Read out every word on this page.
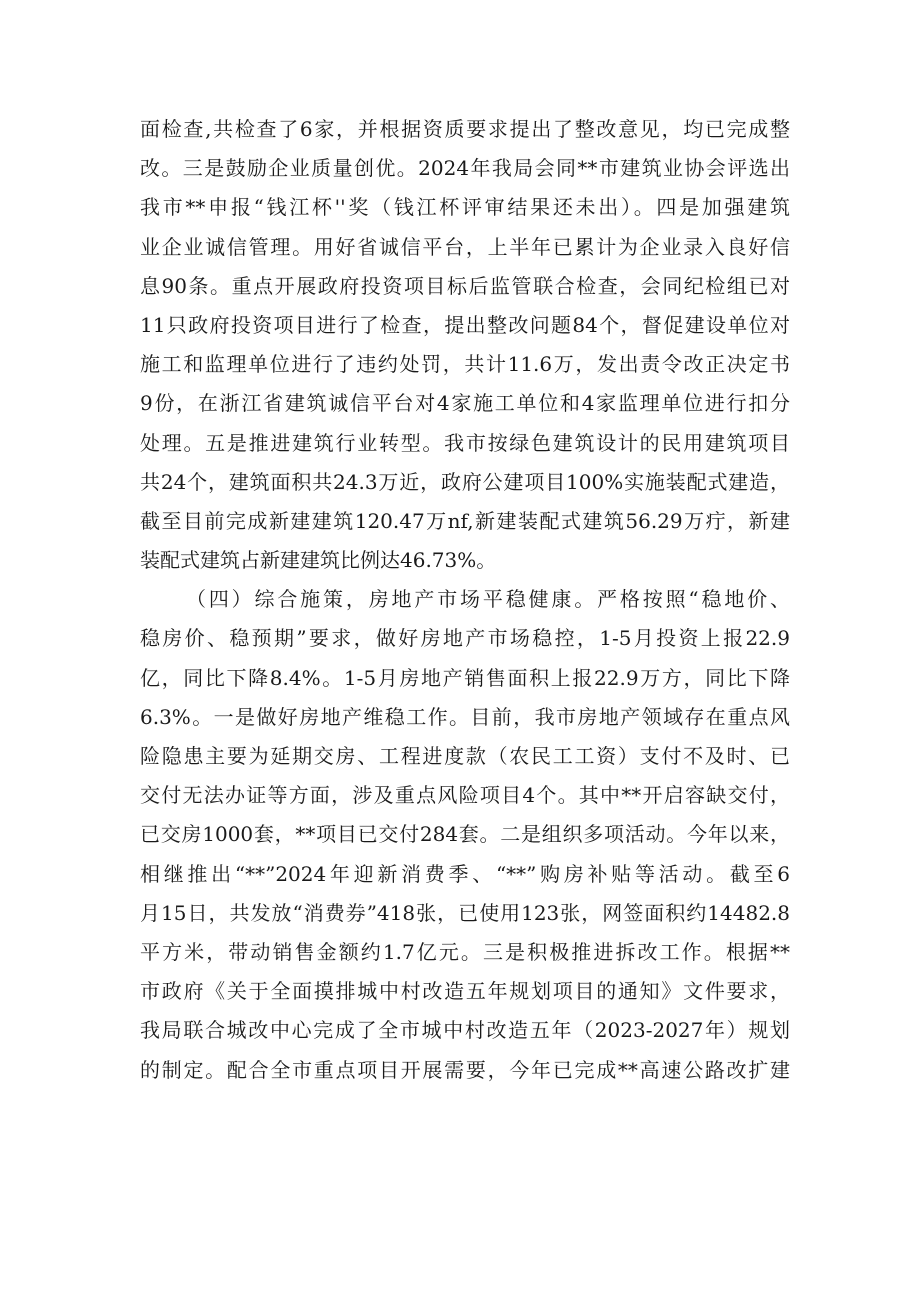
面检查,共检查了6家，并根据资质要求提出了整改意见，均已完成整
改。三是鼓励企业质量创优。2024年我局会同**市建筑业协会评选出
我市**申报“钱江杯''奖（钱江杯评审结果还未出）。四是加强建筑
业企业诚信管理。用好省诚信平台，上半年已累计为企业录入良好信
息90条。重点开展政府投资项目标后监管联合检查，会同纪检组已对
11只政府投资项目进行了检查，提出整改问题84个，督促建设单位对
施工和监理单位进行了违约处罚，共计11.6万，发出责令改正决定书
9份，在浙江省建筑诚信平台对4家施工单位和4家监理单位进行扣分
处理。五是推进建筑行业转型。我市按绿色建筑设计的民用建筑项目
共24个，建筑面积共24.3万近，政府公建项目100%实施装配式建造，
截至目前完成新建建筑120.47万nf,新建装配式建筑56.29万疔，新建
装配式建筑占新建建筑比例达46.73%。
（四）综合施策，房地产市场平稳健康。严格按照“稳地价、
稳房价、稳预期”要求，做好房地产市场稳控，1-5月投资上报22.9
亿，同比下降8.4%。1-5月房地产销售面积上报22.9万方，同比下降
6.3%。一是做好房地产维稳工作。目前，我市房地产领域存在重点风
险隐患主要为延期交房、工程进度款（农民工工资）支付不及时、已
交付无法办证等方面，涉及重点风险项目4个。其中**开启容缺交付，
已交房1000套，**项目已交付284套。二是组织多项活动。今年以来，
相继推出“**”2024年迎新消费季、“**”购房补贴等活动。截至6
月15日，共发放“消费券”418张，已使用123张，网签面积约14482.8
平方米，带动销售金额约1.7亿元。三是积极推进拆改工作。根据**
市政府《关于全面摸排城中村改造五年规划项目的通知》文件要求，
我局联合城改中心完成了全市城中村改造五年（2023-2027年）规划
的制定。配合全市重点项目开展需要，今年已完成**高速公路改扩建
